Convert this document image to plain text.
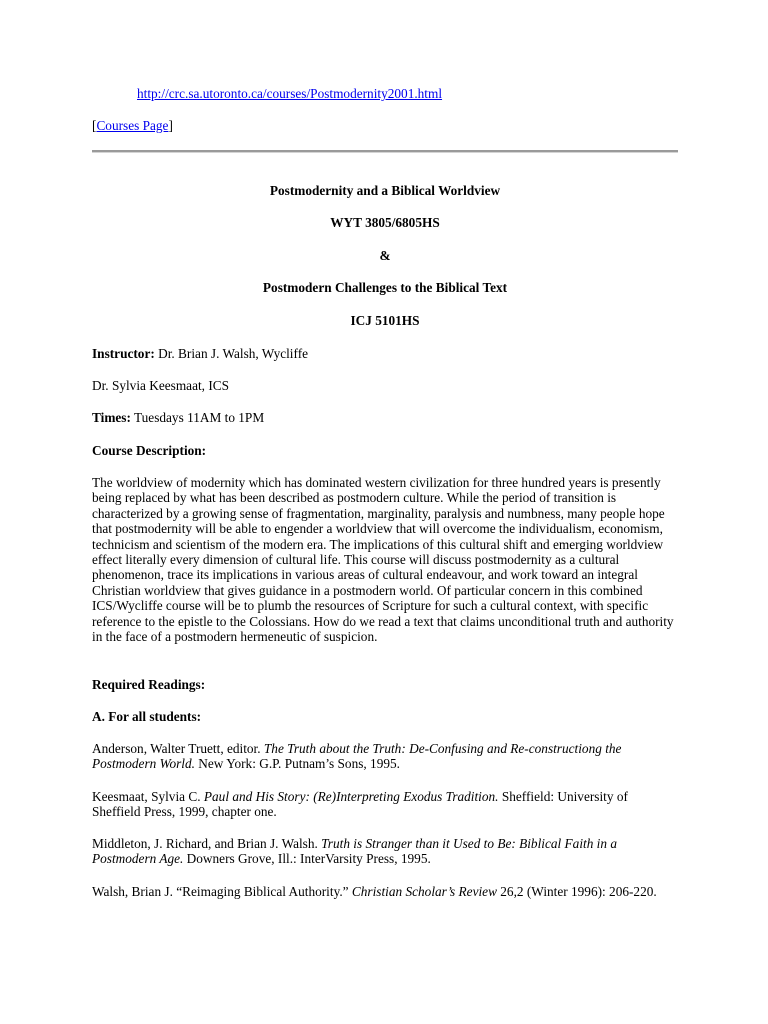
http://crc.sa.utoronto.ca/courses/Postmodernity2001.html
[Courses Page]
Postmodernity and a Biblical Worldview
WYT 3805/6805HS
&
Postmodern Challenges to the Biblical Text
ICJ 5101HS
Instructor: Dr. Brian J. Walsh, Wycliffe
Dr. Sylvia Keesmaat, ICS
Times: Tuesdays 11AM to 1PM
Course Description:
The worldview of modernity which has dominated western civilization for three hundred years is presently being replaced by what has been described as postmodern culture. While the period of transition is characterized by a growing sense of fragmentation, marginality, paralysis and numbness, many people hope that postmodernity will be able to engender a worldview that will overcome the individualism, economism, technicism and scientism of the modern era. The implications of this cultural shift and emerging worldview effect literally every dimension of cultural life. This course will discuss postmodernity as a cultural phenomenon, trace its implications in various areas of cultural endeavour, and work toward an integral Christian worldview that gives guidance in a postmodern world. Of particular concern in this combined ICS/Wycliffe course will be to plumb the resources of Scripture for such a cultural context, with specific reference to the epistle to the Colossians. How do we read a text that claims unconditional truth and authority in the face of a postmodern hermeneutic of suspicion.
Required Readings:
A. For all students:
Anderson, Walter Truett, editor. The Truth about the Truth: De-Confusing and Re-constructiong the Postmodern World. New York: G.P. Putnam’s Sons, 1995.
Keesmaat, Sylvia C. Paul and His Story: (Re)Interpreting Exodus Tradition. Sheffield: University of Sheffield Press, 1999, chapter one.
Middleton, J. Richard, and Brian J. Walsh. Truth is Stranger than it Used to Be: Biblical Faith in a Postmodern Age. Downers Grove, Ill.: InterVarsity Press, 1995.
Walsh, Brian J. “Reimaging Biblical Authority.” Christian Scholar’s Review 26,2 (Winter 1996): 206-220.
